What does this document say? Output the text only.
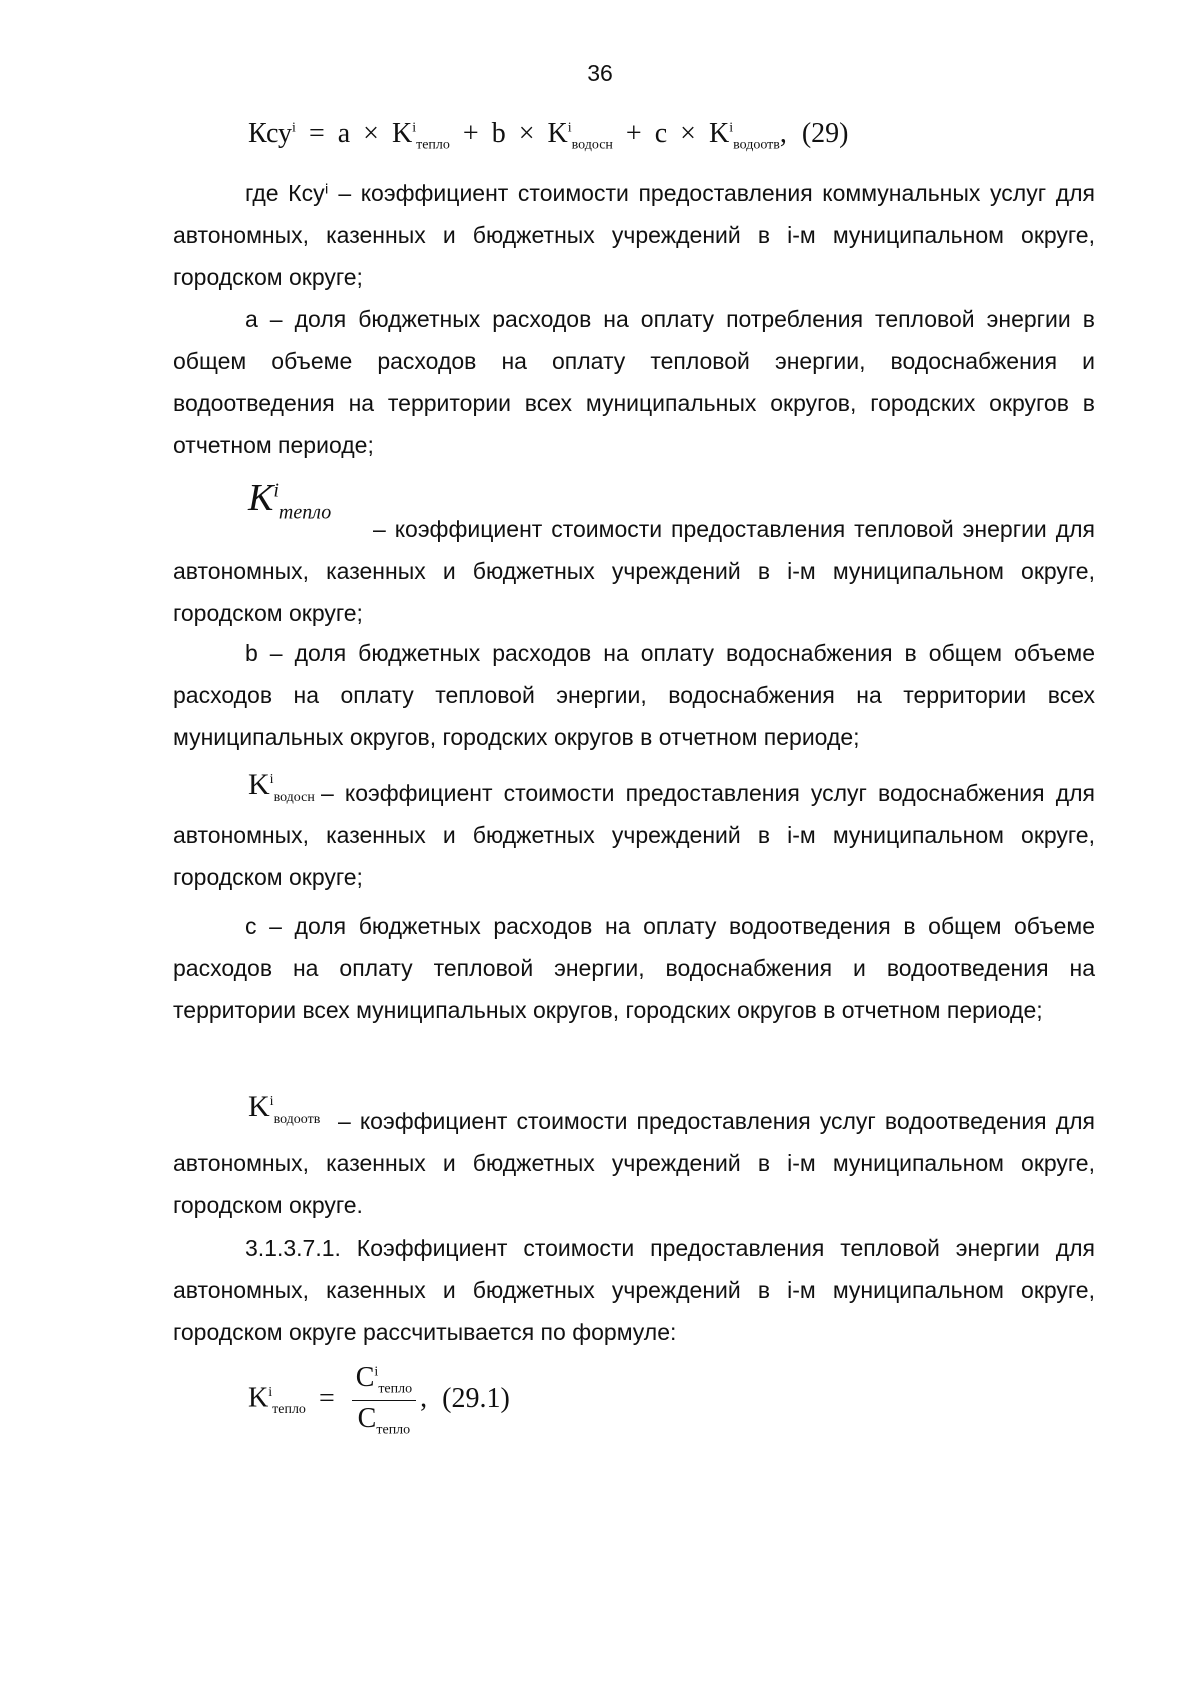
36
$Ксу^i = a \times K^i_{тепло} + b \times K^i_{водосн} + c \times K^i_{водоотв}$, (29)
где Ксуⁱ – коэффициент стоимости предоставления коммунальных услуг для автономных, казенных и бюджетных учреждений в i-м муниципальном округе, городском округе;
a – доля бюджетных расходов на оплату потребления тепловой энергии в общем объеме расходов на оплату тепловой энергии, водоснабжения и водоотведения на территории всех муниципальных округов, городских округов в отчетном периоде;
$K^i_{тепло}$
– коэффициент стоимости предоставления тепловой энергии для автономных, казенных и бюджетных учреждений в i-м муниципальном округе, городском округе;
b – доля бюджетных расходов на оплату водоснабжения в общем объеме расходов на оплату тепловой энергии, водоснабжения на территории всех муниципальных округов, городских округов в отчетном периоде;
$K^i_{водосн}$ – коэффициент стоимости предоставления услуг водоснабжения для автономных, казенных и бюджетных учреждений в i-м муниципальном округе, городском округе;
c – доля бюджетных расходов на оплату водоотведения в общем объеме расходов на оплату тепловой энергии, водоснабжения и водоотведения на территории всех муниципальных округов, городских округов в отчетном периоде;
$K^i_{водоотв}$ – коэффициент стоимости предоставления услуг водоотведения для автономных, казенных и бюджетных учреждений в i-м муниципальном округе, городском округе.
3.1.3.7.1. Коэффициент стоимости предоставления тепловой энергии для автономных, казенных и бюджетных учреждений в i-м муниципальном округе, городском округе рассчитывается по формуле:
$K^i_{тепло} = \frac{C^i_{тепло}}{C_{тепло}}$ , (29.1)
